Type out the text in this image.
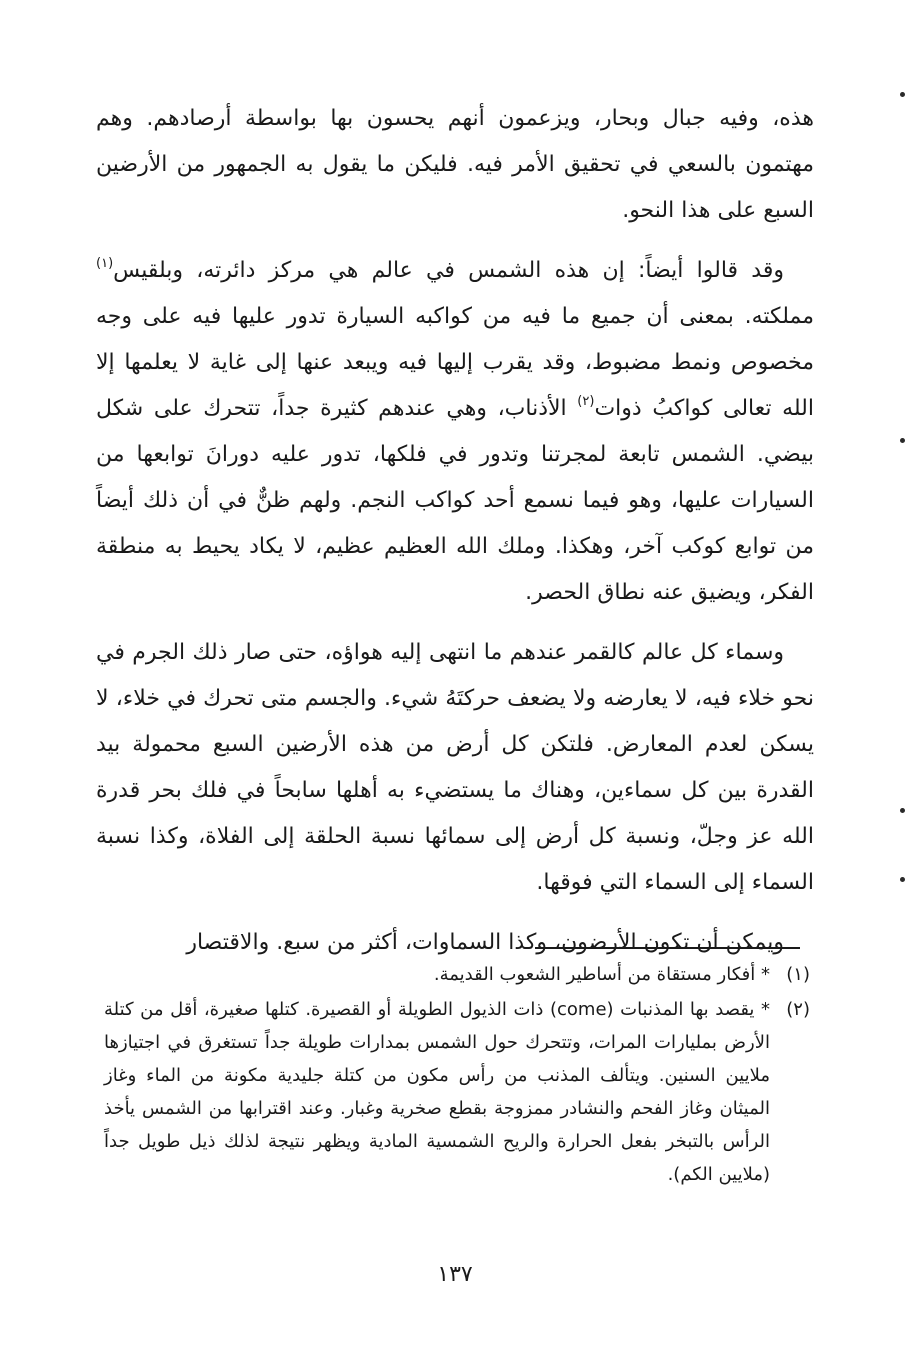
هذه، وفيه جبال وبحار، ويزعمون أنهم يحسون بها بواسطة أرصادهم. وهم مهتمون بالسعي في تحقيق الأمر فيه. فليكن ما يقول به الجمهور من الأرضين السبع على هذا النحو.

وقد قالوا أيضاً: إن هذه الشمس في عالم هي مركز دائرته، وبلقيس$^{(١)}$ مملكته. بمعنى أن جميع ما فيه من كواكبه السيارة تدور عليها فيه على وجه مخصوص ونمط مضبوط، وقد يقرب إليها فيه ويبعد عنها إلى غاية لا يعلمها إلا الله تعالى كواكبُ ذوات$^{(٢)}$ الأذناب، وهي عندهم كثيرة جداً، تتحرك على شكل بيضي. الشمس تابعة لمجرتنا وتدور في فلكها، تدور عليه دورانَ توابعها من السيارات عليها، وهو فيما نسمع أحد كواكب النجم. ولهم ظنٌّ في أن ذلك أيضاً من توابع كوكب آخر، وهكذا. وملك الله العظيم عظيم، لا يكاد يحيط به منطقة الفكر، ويضيق عنه نطاق الحصر.

وسماء كل عالم كالقمر عندهم ما انتهى إليه هواؤه، حتى صار ذلك الجرم في نحو خلاء فيه، لا يعارضه ولا يضعف حركتَهُ شيء. والجسم متى تحرك في خلاء، لا يسكن لعدم المعارض. فلتكن كل أرض من هذه الأرضين السبع محمولة بيد القدرة بين كل سماءين، وهناك ما يستضيء به أهلها سابحاً في فلك بحر قدرة الله عز وجلّ، ونسبة كل أرض إلى سمائها نسبة الحلقة إلى الفلاة، وكذا نسبة السماء إلى السماء التي فوقها.

ويمكن أن تكون الأرضون، وكذا السماوات، أكثر من سبع. والاقتصار

(١)
* أفكار مستقاة من أساطير الشعوب القديمة.
(٢)
* يقصد بها المذنبات (come) ذات الذيول الطويلة أو القصيرة. كتلها صغيرة، أقل من كتلة الأرض بمليارات المرات، وتتحرك حول الشمس بمدارات طويلة جداً تستغرق في اجتيازها ملايين السنين. ويتألف المذنب من رأس مكون من كتلة جليدية مكونة من الماء وغاز الميثان وغاز الفحم والنشادر ممزوجة بقطع صخرية وغبار. وعند اقترابها من الشمس يأخذ الرأس بالتبخر بفعل الحرارة والريح الشمسية المادية ويظهر نتيجة لذلك ذيل طويل جداً (ملايين الكم).
١٣٧
